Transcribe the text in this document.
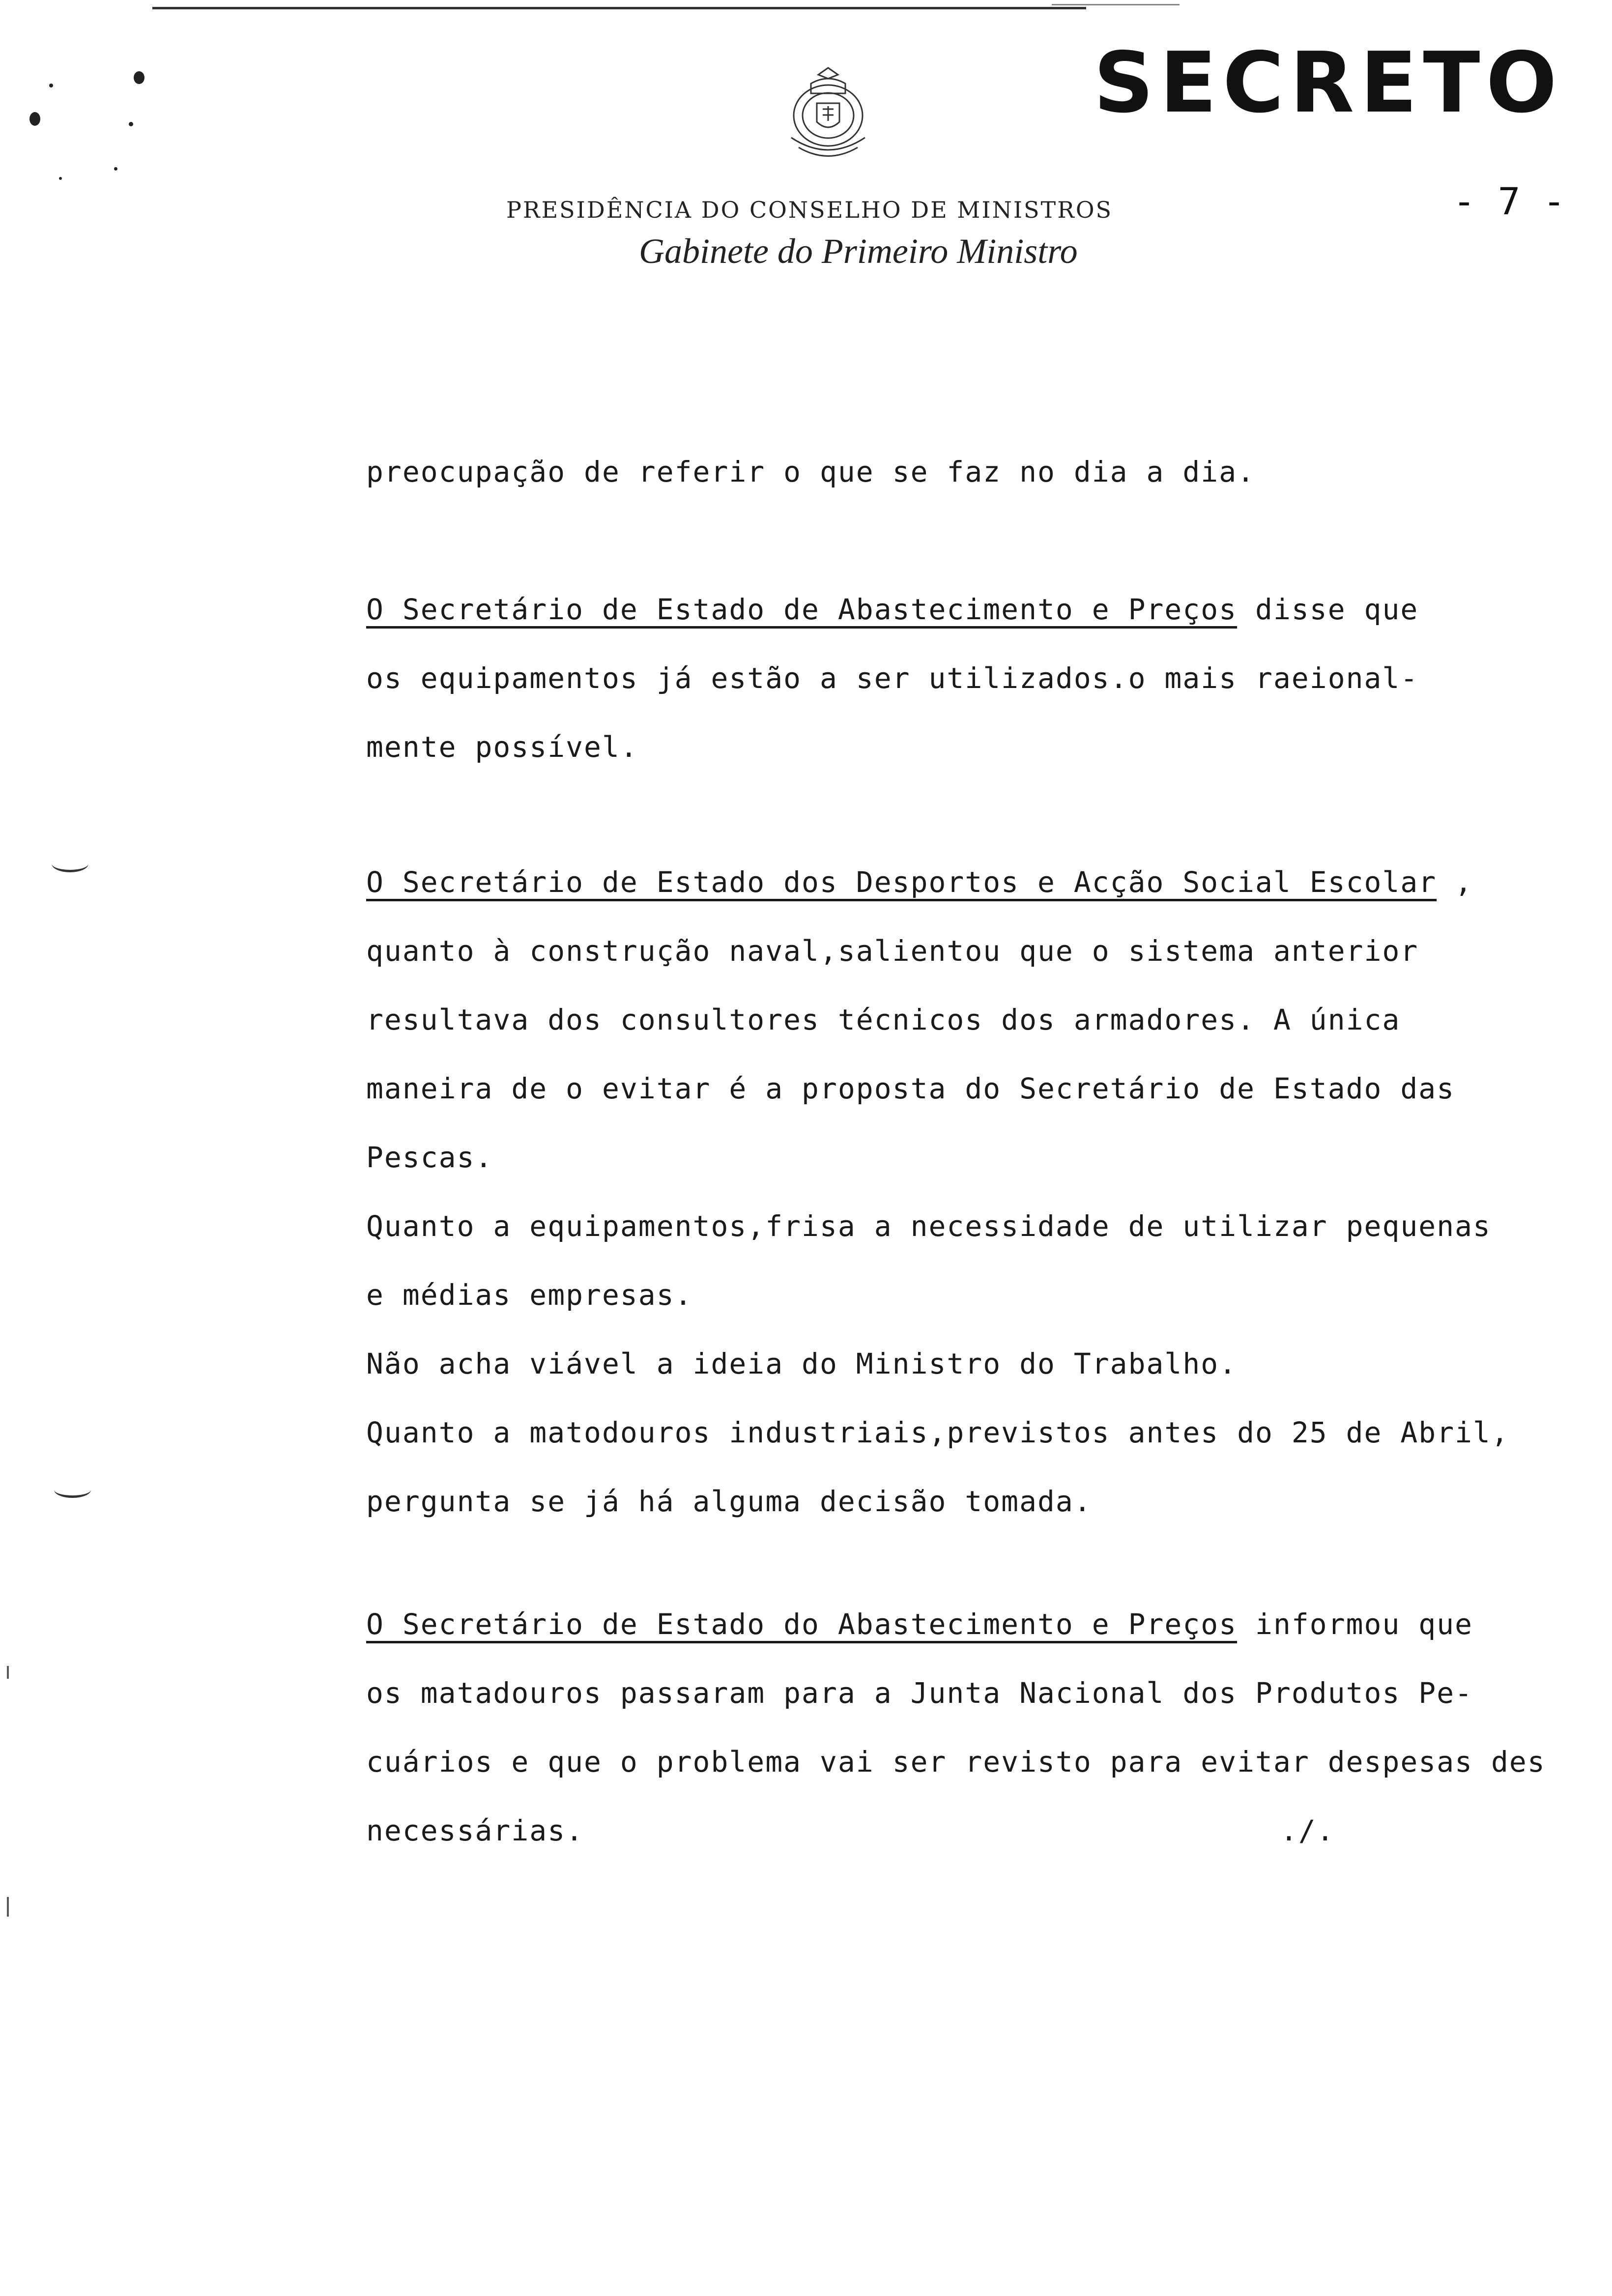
SECRETO
- 7 -
PRESIDÊNCIA DO CONSELHO DE MINISTROS
Gabinete do Primeiro Ministro
preocupação de referir o que se faz no dia a dia.
O Secretário de Estado de Abastecimento e Preços disse que
os equipamentos já estão a ser utilizados.o mais raeional-
mente possível.
O Secretário de Estado dos Desportos e Acção Social Escolar ,
quanto à construção naval,salientou que o sistema anterior
resultava dos consultores técnicos dos armadores. A única
maneira de o evitar é a proposta do Secretário de Estado das
Pescas.
Quanto a equipamentos,frisa a necessidade de utilizar pequenas
e médias empresas.
Não acha viável a ideia do Ministro do Trabalho.
Quanto a matodouros industriais,previstos antes do 25 de Abril,
pergunta se já há alguma decisão tomada.
O Secretário de Estado do Abastecimento e Preços informou que
os matadouros passaram para a Junta Nacional dos Produtos Pe-
cuários e que o problema vai ser revisto para evitar despesas des
necessárias.	./.
